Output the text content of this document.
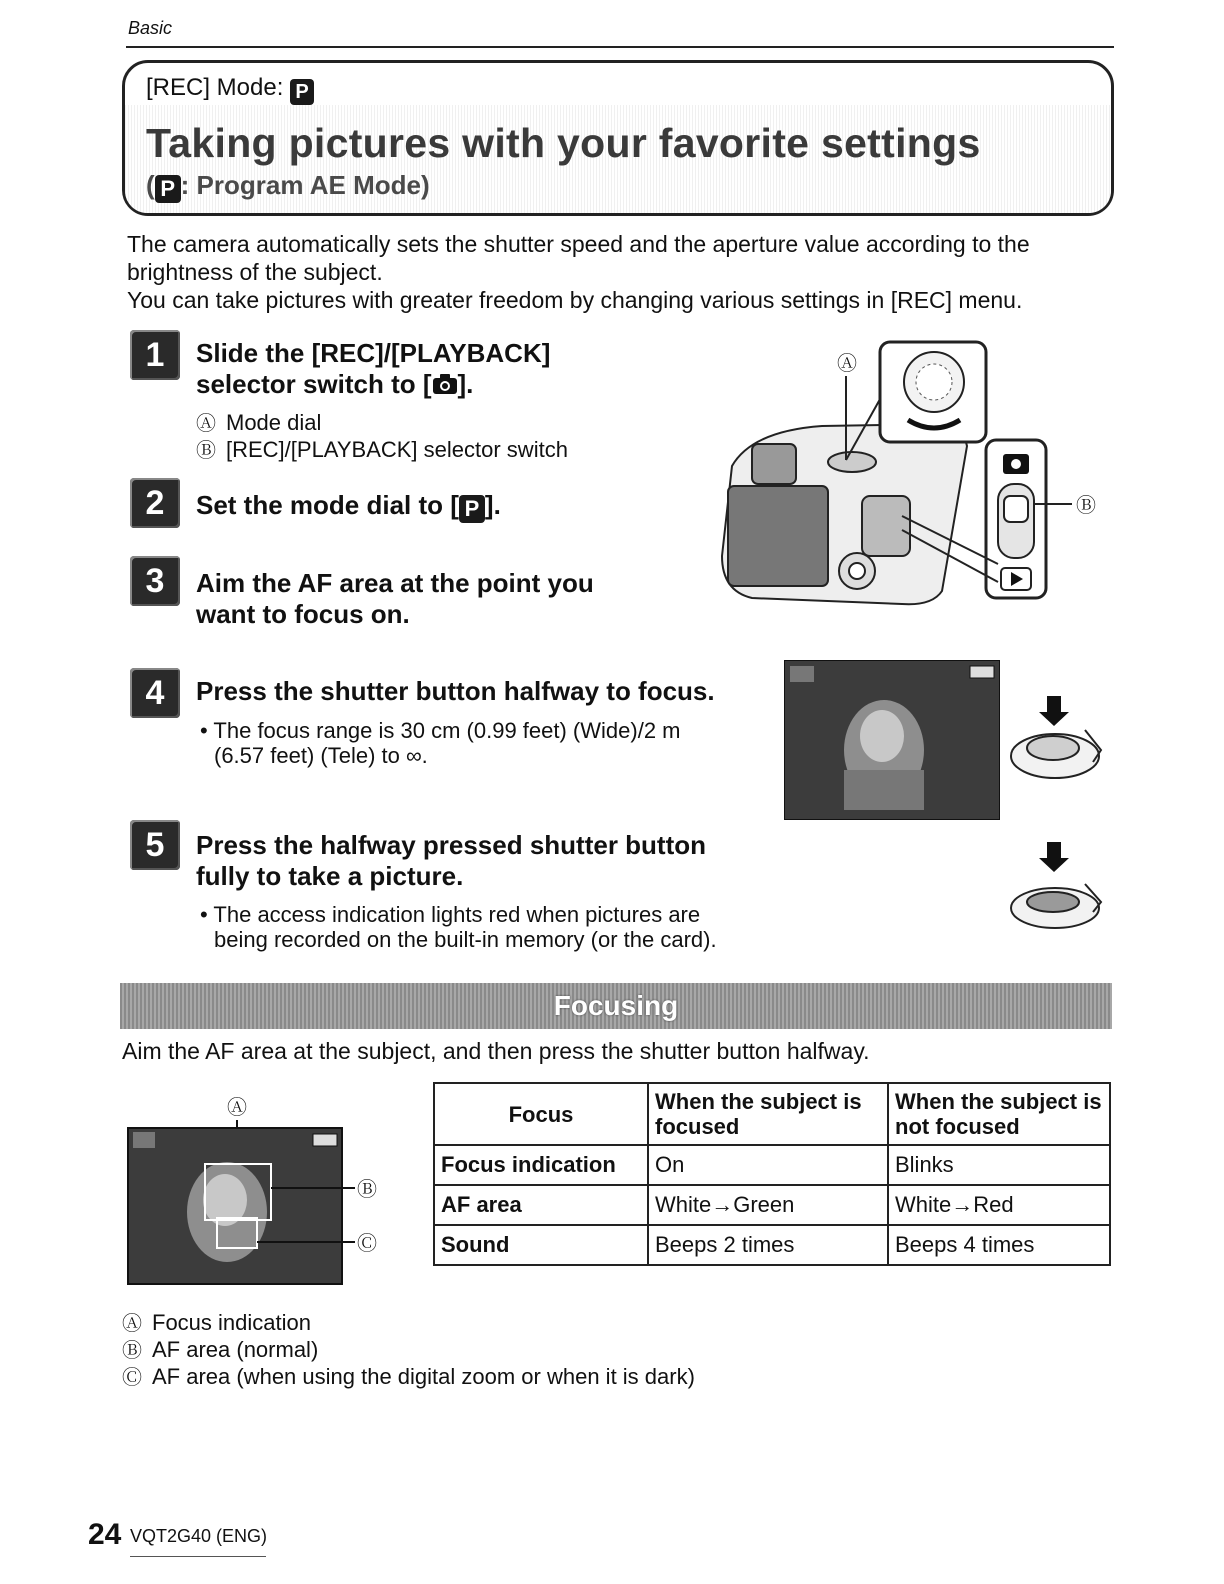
Basic
[REC] Mode: P
Taking pictures with your favorite settings
( P : Program AE Mode)

The camera automatically sets the shutter speed and the aperture value according to the brightness of the subject.

You can take pictures with greater freedom by changing various settings in [REC] menu.

1	Slide the [REC]/[PLAYBACK]
selector switch to [ ].
Ⓐ Mode dial
Ⓑ [REC]/[PLAYBACK] selector switch
2	Set the mode dial to [ P ].
3	Aim the AF area at the point you
want to focus on.
Ⓐ
Ⓑ
4	Press the shutter button halfway to focus.
• The focus range is 30 cm (0.99 feet) (Wide)/2 m
(6.57 feet) (Tele) to ∞.
5	Press the halfway pressed shutter button
fully to take a picture.
• The access indication lights red when pictures are
being recorded on the built-in memory (or the card).
Focusing
Aim the AF area at the subject, and then press the shutter button halfway.
Ⓐ
Ⓑ
Ⓒ
Focus	When the subject is focused	When the subject is not focused
Focus indication	On	Blinks
AF area	White→Green	White→Red
Sound	Beeps 2 times	Beeps 4 times
Ⓐ Focus indication
Ⓑ AF area (normal)
Ⓒ AF area (when using the digital zoom or when it is dark)
24 VQT2G40 (ENG)
